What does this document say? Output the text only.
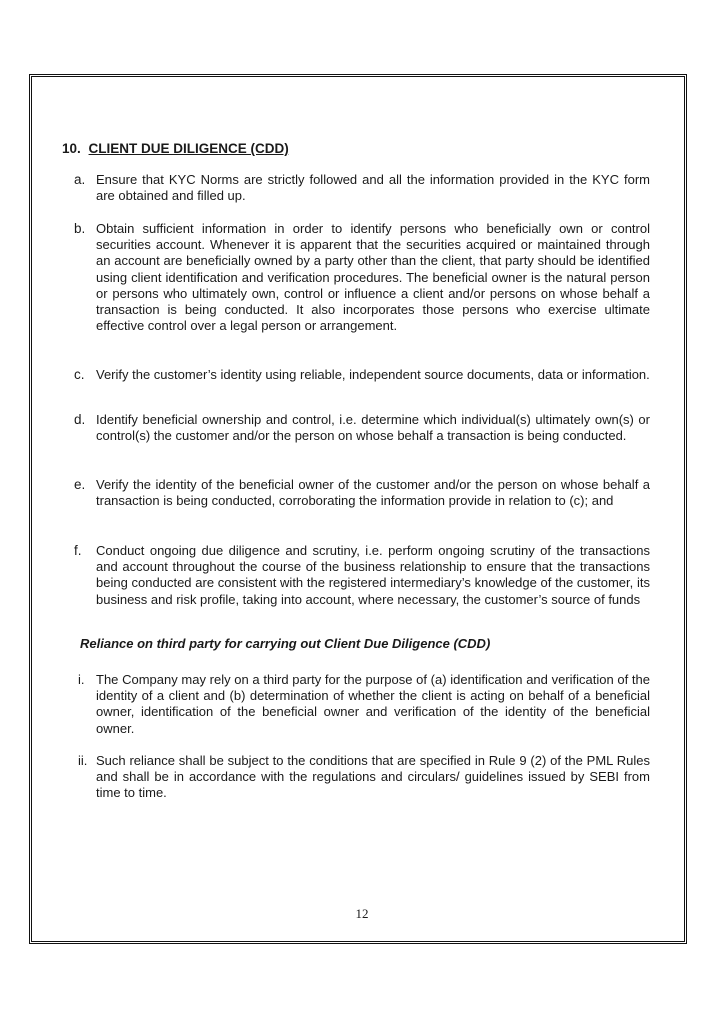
10. CLIENT DUE DILIGENCE (CDD)
a. Ensure that KYC Norms are strictly followed and all the information provided in the KYC form are obtained and filled up.
b. Obtain sufficient information in order to identify persons who beneficially own or control securities account. Whenever it is apparent that the securities acquired or maintained through an account are beneficially owned by a party other than the client, that party should be identified using client identification and verification procedures. The beneficial owner is the natural person or persons who ultimately own, control or influence a client and/or persons on whose behalf a transaction is being conducted. It also incorporates those persons who exercise ultimate effective control over a legal person or arrangement.
c. Verify the customer’s identity using reliable, independent source documents, data or information.
d. Identify beneficial ownership and control, i.e. determine which individual(s) ultimately own(s) or control(s) the customer and/or the person on whose behalf a transaction is being conducted.
e. Verify the identity of the beneficial owner of the customer and/or the person on whose behalf a transaction is being conducted, corroborating the information provide in relation to (c); and
f.	Conduct ongoing due diligence and scrutiny, i.e. perform ongoing scrutiny of the transactions and account throughout the course of the business relationship to ensure that the transactions being conducted are consistent with the registered intermediary’s knowledge of the customer, its business and risk profile, taking into account, where necessary, the customer’s source of funds
Reliance on third party for carrying out Client Due Diligence (CDD)
i. The Company may rely on a third party for the purpose of (a) identification and verification of the identity of a client and (b) determination of whether the client is acting on behalf of a beneficial owner, identification of the beneficial owner and verification of the identity of the beneficial owner.
ii. Such reliance shall be subject to the conditions that are specified in Rule 9 (2) of the PML Rules and shall be in accordance with the regulations and circulars/ guidelines issued by SEBI from time to time.
12
